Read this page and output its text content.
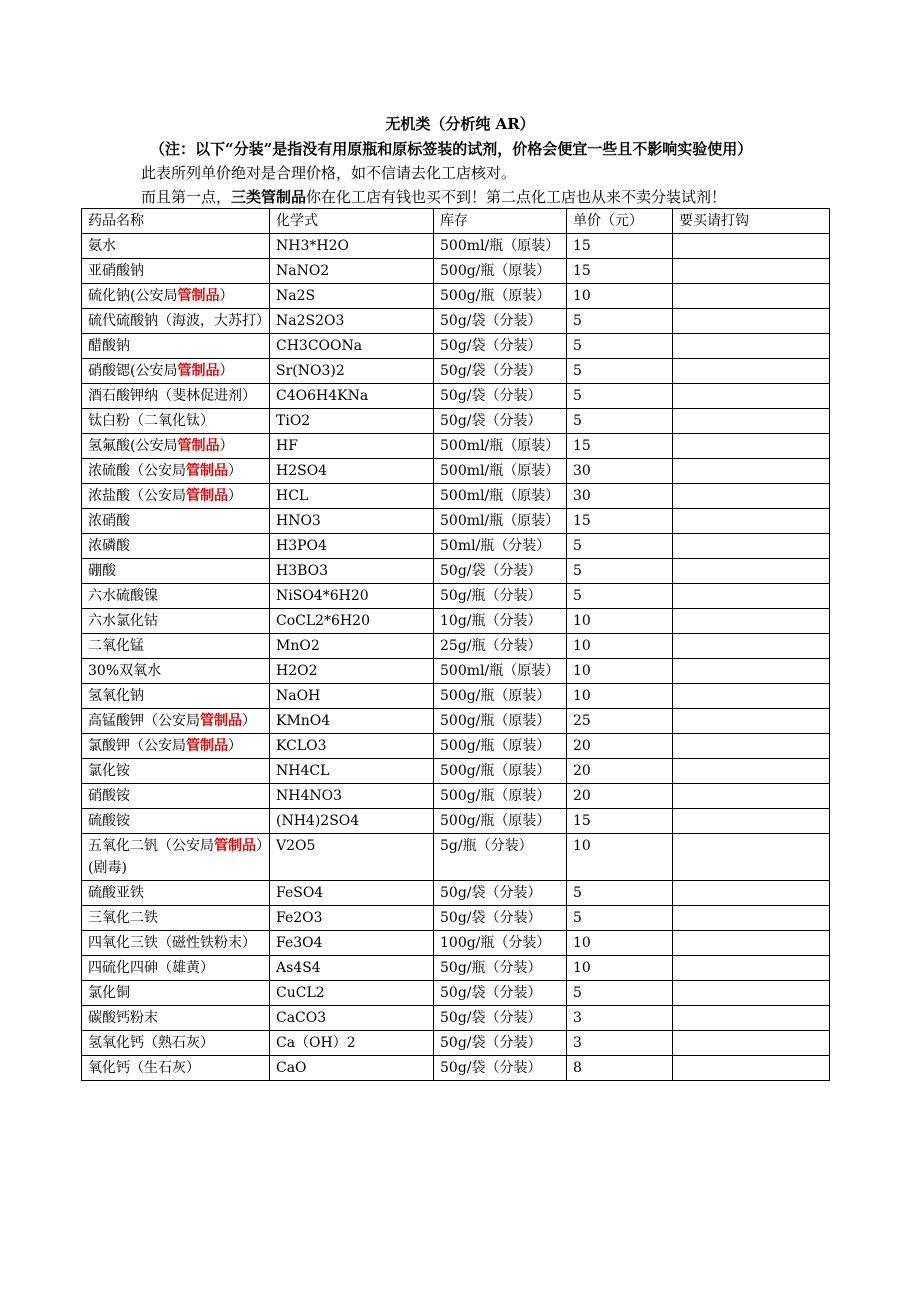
无机类（分析纯 AR）
（注：以下“分装”是指没有用原瓶和原标签装的试剂，价格会便宜一些且不影响实验使用）
此表所列单价绝对是合理价格，如不信请去化工店核对。
而且第一点，三类管制品你在化工店有钱也买不到！第二点化工店也从来不卖分装试剂！
药品名称	化学式	库存	单价（元）	要买请打钩
氨水	NH3*H2O	500ml/瓶（原装）	15	
亚硝酸钠	NaNO2	500g/瓶（原装）	15	
硫化钠(公安局管制品）	Na2S	500g/瓶（原装）	10	
硫代硫酸钠（海波，大苏打）	Na2S2O3	50g/袋（分装）	5	
醋酸钠	CH3COONa	50g/袋（分装）	5	
硝酸锶(公安局管制品）	Sr(NO3)2	50g/袋（分装）	5	
酒石酸钾纳（斐林促进剂）	C4O6H4KNa	50g/袋（分装）	5	
钛白粉（二氧化钛）	TiO2	50g/袋（分装）	5	
氢氟酸(公安局管制品）	HF	500ml/瓶（原装）	15	
浓硫酸（公安局管制品）	H2SO4	500ml/瓶（原装）	30	
浓盐酸（公安局管制品）	HCL	500ml/瓶（原装）	30	
浓硝酸	HNO3	500ml/瓶（原装）	15	
浓磷酸	H3PO4	50ml/瓶（分装）	5	
硼酸	H3BO3	50g/袋（分装）	5	
六水硫酸镍	NiSO4*6H20	50g/瓶（分装）	5	
六水氯化钴	CoCL2*6H20	10g/瓶（分装）	10	
二氧化锰	MnO2	25g/瓶（分装）	10	
30%双氧水	H2O2	500ml/瓶（原装）	10	
氢氧化钠	NaOH	500g/瓶（原装）	10	
高锰酸钾（公安局管制品）	KMnO4	500g/瓶（原装）	25	
氯酸钾（公安局管制品）	KCLO3	500g/瓶（原装）	20	
氯化铵	NH4CL	500g/瓶（原装）	20	
硝酸铵	NH4NO3	500g/瓶（原装）	20	
硫酸铵	(NH4)2SO4	500g/瓶（原装）	15	
五氧化二钒（公安局管制品）(剧毒)	V2O5	5g/瓶（分装）	10	
硫酸亚铁	FeSO4	50g/袋（分装）	5	
三氧化二铁	Fe2O3	50g/袋（分装）	5	
四氧化三铁（磁性铁粉末）	Fe3O4	100g/瓶（分装）	10	
四硫化四砷（雄黄）	As4S4	50g/瓶（分装）	10	
氯化铜	CuCL2	50g/袋（分装）	5	
碳酸钙粉末	CaCO3	50g/袋（分装）	3	
氢氧化钙（熟石灰）	Ca（OH）2	50g/袋（分装）	3	
氧化钙（生石灰）	CaO	50g/袋（分装）	8	
